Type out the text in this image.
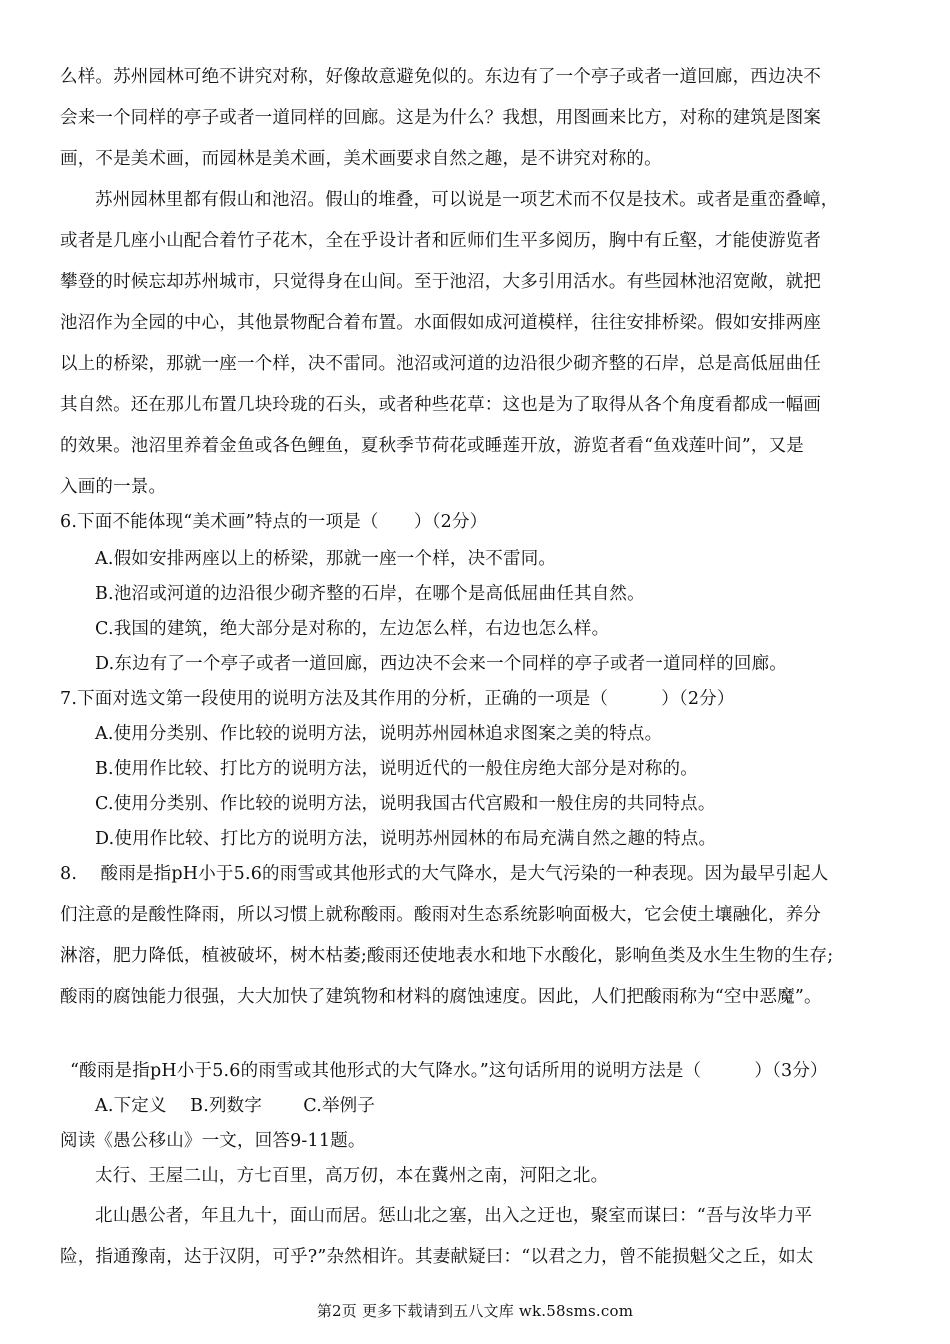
么样。苏州园林可绝不讲究对称，好像故意避免似的。东边有了一个亭子或者一道回廊，西边决不
会来一个同样的亭子或者一道同样的回廊。这是为什么？我想，用图画来比方，对称的建筑是图案
画，不是美术画，而园林是美术画，美术画要求自然之趣，是不讲究对称的。
苏州园林里都有假山和池沼。假山的堆叠，可以说是一项艺术而不仅是技术。或者是重峦叠嶂，
或者是几座小山配合着竹子花木，全在乎设计者和匠师们生平多阅历，胸中有丘壑，才能使游览者
攀登的时候忘却苏州城市，只觉得身在山间。至于池沼，大多引用活水。有些园林池沼宽敞，就把
池沼作为全园的中心，其他景物配合着布置。水面假如成河道模样，往往安排桥梁。假如安排两座
以上的桥梁，那就一座一个样，决不雷同。池沼或河道的边沿很少砌齐整的石岸，总是高低屈曲任
其自然。还在那儿布置几块玲珑的石头，或者种些花草：这也是为了取得从各个角度看都成一幅画
的效果。池沼里养着金鱼或各色鲤鱼，夏秋季节荷花或睡莲开放，游览者看“鱼戏莲叶间”，又是
入画的一景。
6.下面不能体现“美术画”特点的一项是（　　）（2分）
A.假如安排两座以上的桥梁，那就一座一个样，决不雷同。
B.池沼或河道的边沿很少砌齐整的石岸，在哪个是高低屈曲任其自然。
C.我国的建筑，绝大部分是对称的，左边怎么样，右边也怎么样。
D.东边有了一个亭子或者一道回廊，西边决不会来一个同样的亭子或者一道同样的回廊。
7.下面对选文第一段使用的说明方法及其作用的分析，正确的一项是（　　　）（2分）
A.使用分类别、作比较的说明方法，说明苏州园林追求图案之美的特点。
B.使用作比较、打比方的说明方法，说明近代的一般住房绝大部分是对称的。
C.使用分类别、作比较的说明方法，说明我国古代宫殿和一般住房的共同特点。
D.使用作比较、打比方的说明方法，说明苏州园林的布局充满自然之趣的特点。
8.　 酸雨是指pH小于5.6的雨雪或其他形式的大气降水，是大气污染的一种表现。因为最早引起人
们注意的是酸性降雨，所以习惯上就称酸雨。酸雨对生态系统影响面极大，它会使土壤融化，养分
淋溶，肥力降低，植被破坏，树木枯萎;酸雨还使地表水和地下水酸化，影响鱼类及水生生物的生存;
酸雨的腐蚀能力很强，大大加快了建筑物和材料的腐蚀速度。因此，人们把酸雨称为“空中恶魔”。
“酸雨是指pH小于5.6的雨雪或其他形式的大气降水。”这句话所用的说明方法是（　　　）（3分）
A.下定义　 B.列数字　　 C.举例子
阅读《愚公移山》一文，回答9-11题。
太行、王屋二山，方七百里，高万仞，本在冀州之南，河阳之北。
北山愚公者，年且九十，面山而居。惩山北之塞，出入之迂也，聚室而谋曰：“吾与汝毕力平
险，指通豫南，达于汉阴，可乎?”杂然相许。其妻献疑曰：“以君之力，曾不能损魁父之丘，如太
第2页 更多下载请到五八文库 wk.58sms.com
